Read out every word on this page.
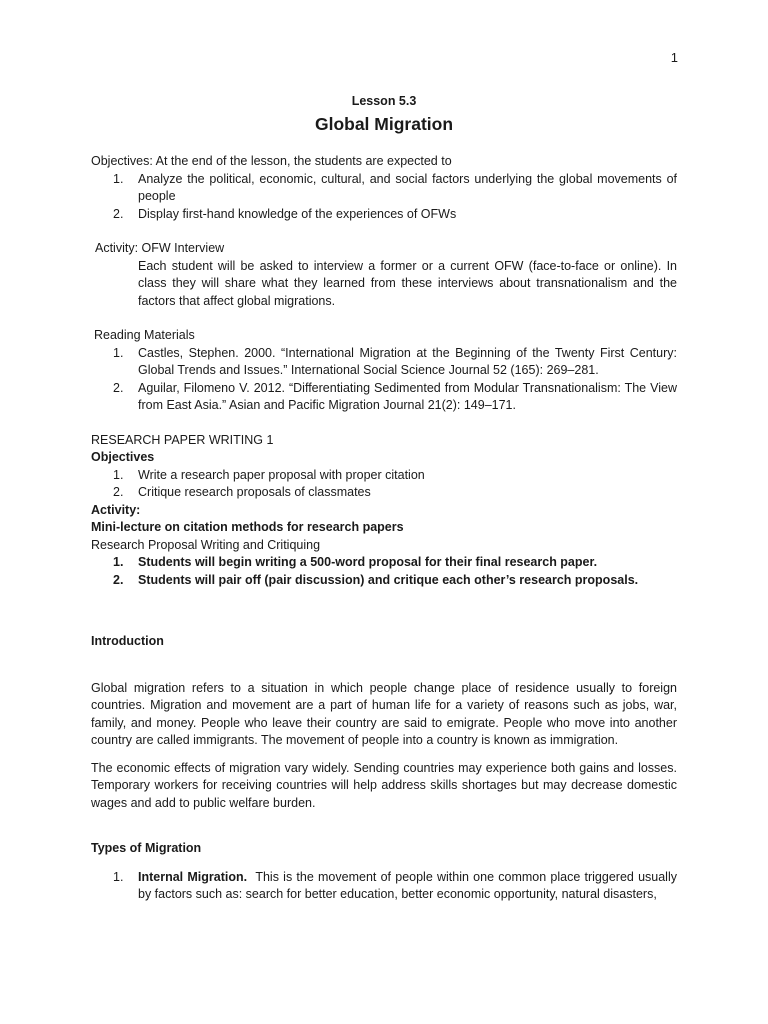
1
Lesson 5.3
Global Migration

Objectives: At the end of the lesson, the students are expected to

1. Analyze the political, economic, cultural, and social factors underlying the global movements of people
2. Display first-hand knowledge of the experiences of OFWs

Activity: OFW Interview

Each student will be asked to interview a former or a current OFW (face-to-face or online). In class they will share what they learned from these interviews about transnationalism and the factors that affect global migrations.

Reading Materials

1. Castles, Stephen. 2000. “International Migration at the Beginning of the Twenty First Century: Global Trends and Issues.” International Social Science Journal 52 (165): 269–281.
2. Aguilar, Filomeno V. 2012. “Differentiating Sedimented from Modular Transnationalism: The View from East Asia.” Asian and Pacific Migration Journal 21(2): 149–171.

RESEARCH PAPER WRITING 1

Objectives

1. Write a research paper proposal with proper citation
2. Critique research proposals of classmates

Activity:

Mini-lecture on citation methods for research papers

Research Proposal Writing and Critiquing

1. Students will begin writing a 500-word proposal for their final research paper.
2. Students will pair off (pair discussion) and critique each other’s research proposals.

Introduction

Global migration refers to a situation in which people change place of residence usually to foreign countries. Migration and movement are a part of human life for a variety of reasons such as jobs, war, family, and money. People who leave their country are said to emigrate. People who move into another country are called immigrants. The movement of people into a country is known as immigration.

The economic effects of migration vary widely. Sending countries may experience both gains and losses. Temporary workers for receiving countries will help address skills shortages but may decrease domestic wages and add to public welfare burden.

Types of Migration

1. Internal Migration. This is the movement of people within one common place triggered usually by factors such as: search for better education, better economic opportunity, natural disasters,
